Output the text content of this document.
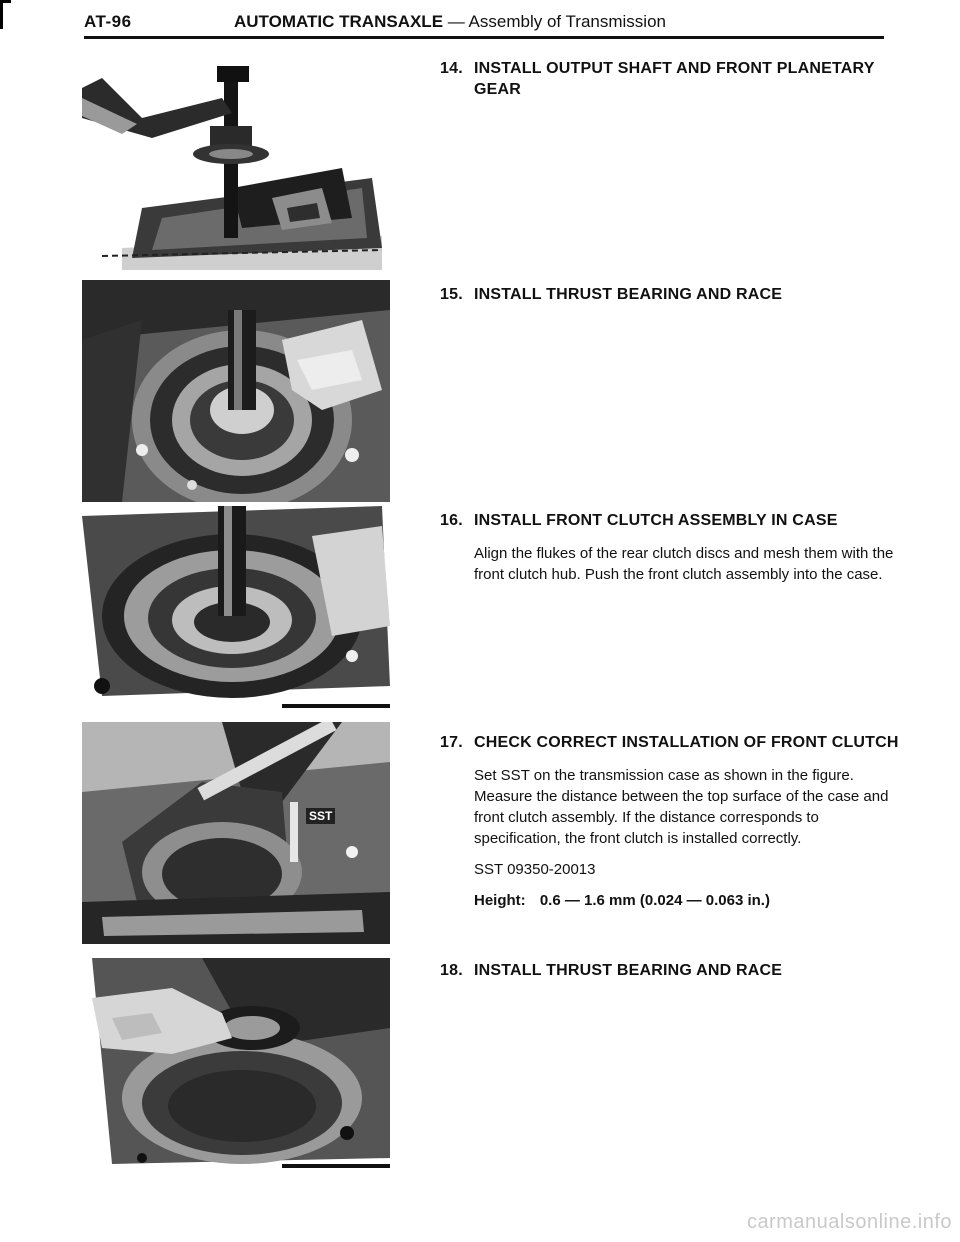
AT-96	AUTOMATIC TRANSAXLE — Assembly of Transmission
SST
14. INSTALL OUTPUT SHAFT AND FRONT PLANETARY GEAR
15. INSTALL THRUST BEARING AND RACE
16. INSTALL FRONT CLUTCH ASSEMBLY IN CASE

Align the flukes of the rear clutch discs and mesh them with the front clutch hub. Push the front clutch assembly into the case.

17. CHECK CORRECT INSTALLATION OF FRONT CLUTCH

Set SST on the transmission case as shown in the figure. Measure the distance between the top surface of the case and front clutch assembly. If the distance corresponds to specification, the front clutch is installed correctly.

SST 09350-20013

Height: 0.6 — 1.6 mm (0.024 — 0.063 in.)
18. INSTALL THRUST BEARING AND RACE
carmanualsonline.info
